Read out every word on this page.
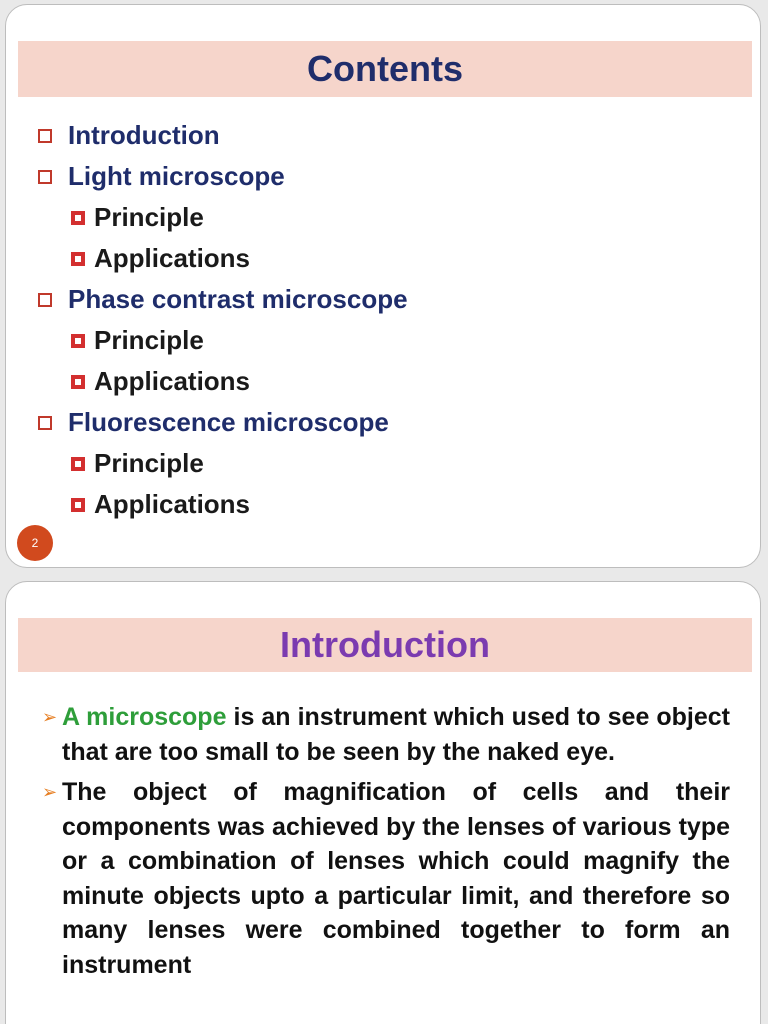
Contents
Introduction
Light microscope
Principle
Applications
Phase contrast microscope
Principle
Applications
Fluorescence microscope
Principle
Applications
2
Introduction
➢ A microscope is an instrument which used to see object that are too small to be seen by the naked eye.
➢ The object of magnification of cells and their components was achieved by the lenses of various type or a combination of lenses which could magnify the minute objects upto a particular limit, and therefore so many lenses were combined together to form an instrument
